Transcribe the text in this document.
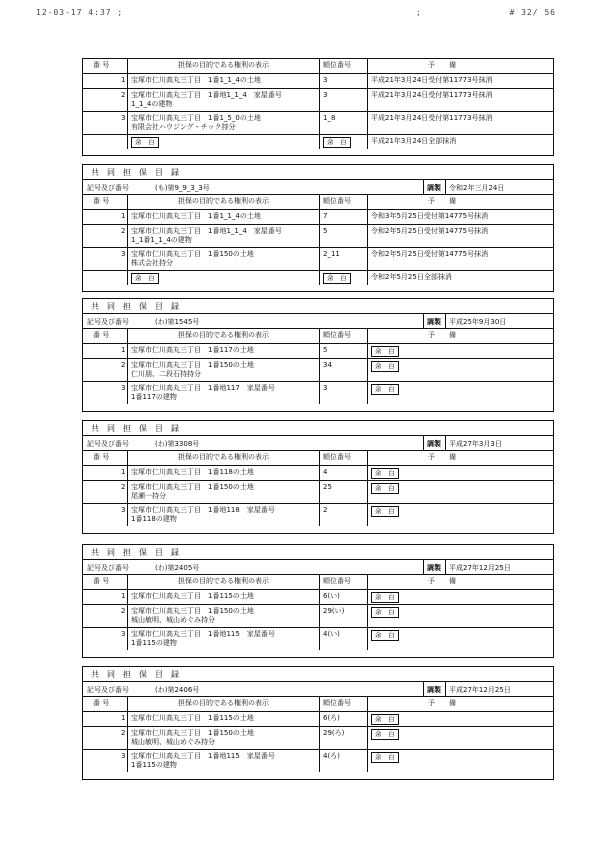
12-03-17 4:37 ;	;	# 32/ 56
番 号	担保の目的である権利の表示	順位番号	予　　備
1 宝塚市仁川高丸三丁目　1番1_1_4の土地	3	平成21年3月24日受付第11773号抹消
2 宝塚市仁川高丸三丁目　1番地1_1_4　家屋番号
1_1_4の建物
3	平成21年3月24日受付第11773号抹消
3 宝塚市仁川高丸三丁目　1番1_5_0の土地
有限会社ハウジング・チック持分
1_8	平成21年3月24日受付第11773号抹消
余　白	余　白	平成21年3月24日全部抹消
共　同　担　保　目　録
記号及び番号	(も)第9_9_3_3号	調製 令和2年三月24日
番 号	担保の目的である権利の表示	順位番号	予　　備
1 宝塚市仁川高丸三丁目　1番1_1_4の土地	7	令和3年5月25日受付第14775号抹消
2 宝塚市仁川高丸三丁目　1番地1_1_4　家屋番号
1_1番1_1_4の建物
5	令和2年5月25日受付第14775号抹消
3 宝塚市仁川高丸三丁目　1番150の土地
株式会社持分
2_11	令和2年5月25日受付第14775号抹消
余　白	余　白	令和2年5月25日全部抹消
共　同　担　保　目　録
記号及び番号	(わ)第1545号	調製 平成25年9月30日
番 号	担保の目的である権利の表示	順位番号	予　　備
1 宝塚市仁川高丸三丁目　1番117の土地	5	余　白
2 宝塚市仁川高丸三丁目　1番150の土地
仁川朋、二段石持持分
34	余　白
3 宝塚市仁川高丸三丁目　1番地117　家屋番号
1番117の建物
3	余　白
共　同　担　保　目　録
記号及び番号	(わ)第3308号	調製 平成27年3月3日
番 号	担保の目的である権利の表示	順位番号	予　　備
1 宝塚市仁川高丸三丁目　1番118の土地	4	余　白
2 宝塚市仁川高丸三丁目　1番150の土地
尾瀬一持分
25	余　白
3 宝塚市仁川高丸三丁目　1番地118　家屋番号
1番118の建物
2	余　白
共　同　担　保　目　録
記号及び番号	(わ)第2405号	調製 平成27年12月25日
番 号	担保の目的である権利の表示	順位番号	予　　備
1 宝塚市仁川高丸三丁目　1番115の土地	6(い)	余　白
2 宝塚市仁川高丸三丁目　1番150の土地
城山敏明、城山めぐみ持分
29(い)	余　白
3 宝塚市仁川高丸三丁目　1番地115　家屋番号
1番115の建物
4(い)	余　白
共　同　担　保　目　録
記号及び番号	(わ)第2406号	調製 平成27年12月25日
番 号	担保の目的である権利の表示	順位番号	予　　備
1 宝塚市仁川高丸三丁目　1番115の土地	6(ろ)	余　白
2 宝塚市仁川高丸三丁目　1番150の土地
城山敏明、城山めぐみ持分
29(ろ)	余　白
3 宝塚市仁川高丸三丁目　1番地115　家屋番号
1番115の建物
4(ろ)	余　白
